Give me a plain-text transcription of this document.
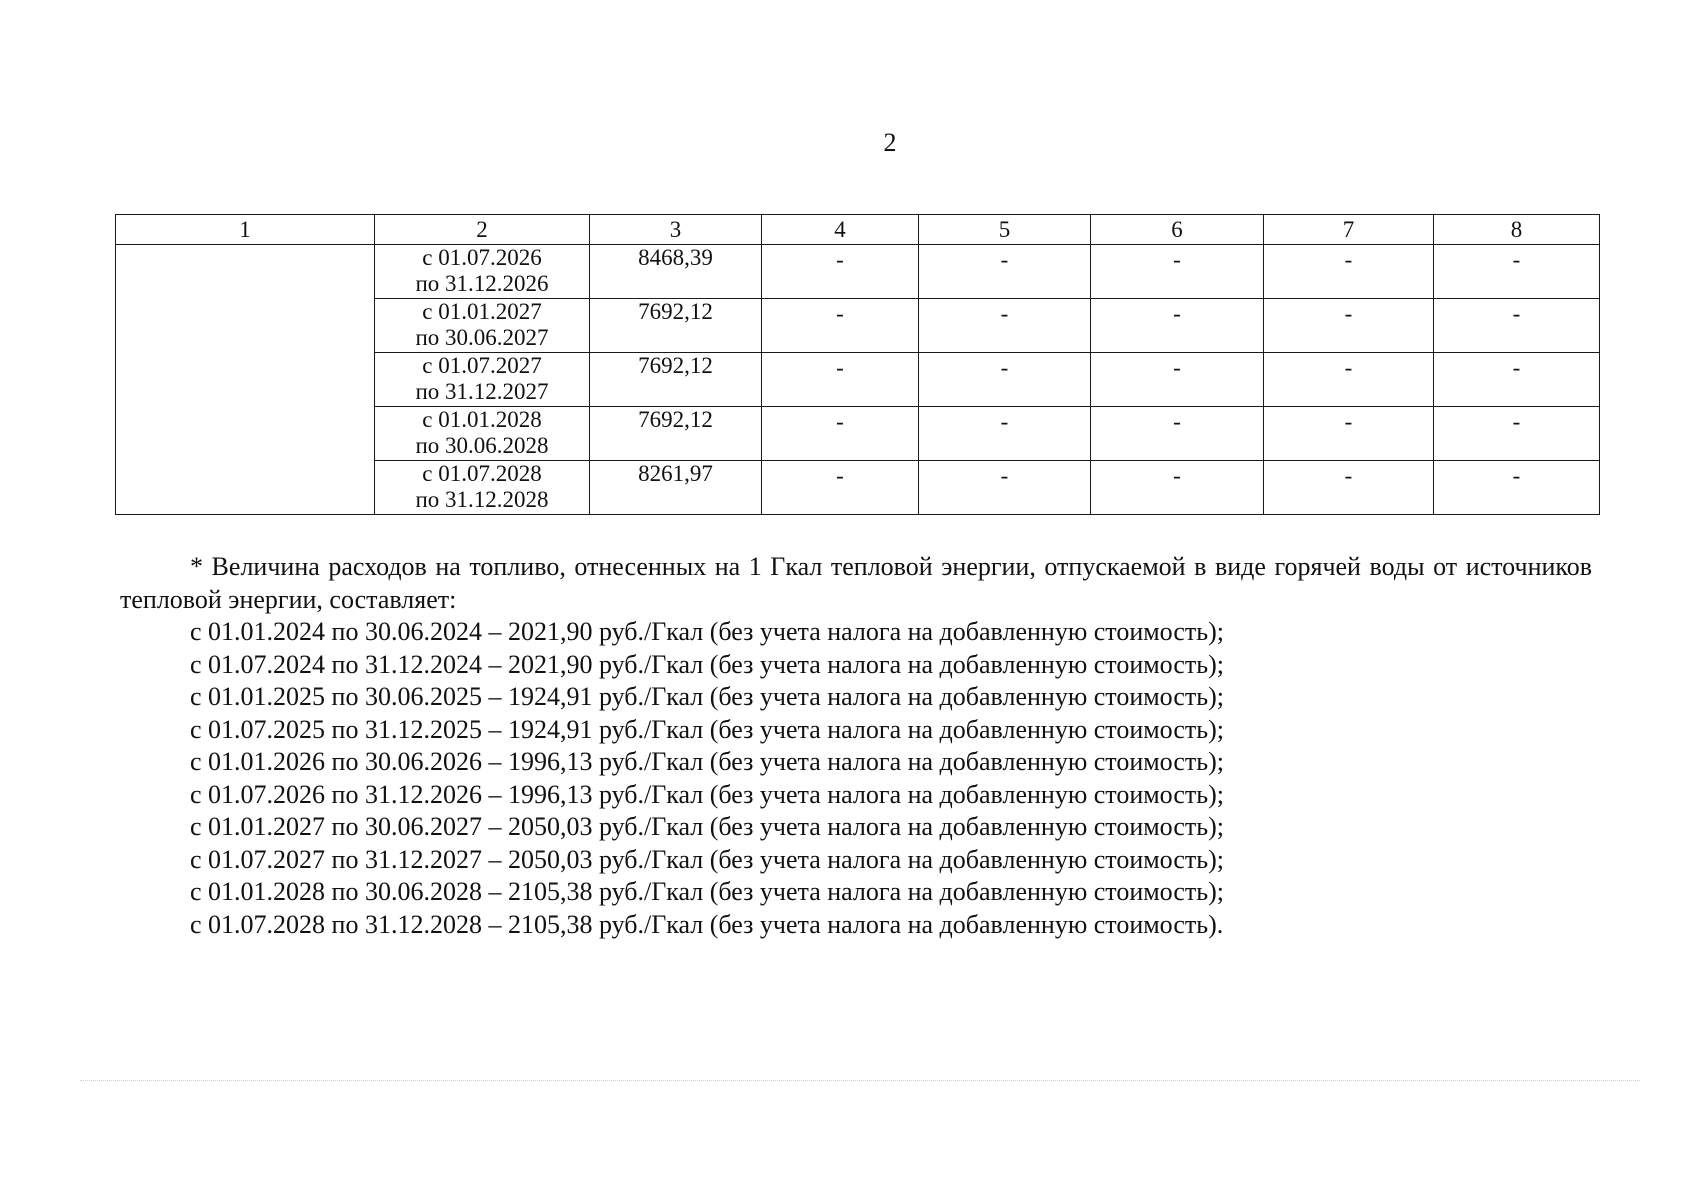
2
1	2	3	4	5	6	7	8

	с 01.07.2026
по 31.12.2026	8468,39	-	-	-	-	-

	с 01.01.2027
по 30.06.2027	7692,12	-	-	-	-	-

	с 01.07.2027
по 31.12.2027	7692,12	-	-	-	-	-

	с 01.01.2028
по 30.06.2028	7692,12	-	-	-	-	-

	с 01.07.2028
по 31.12.2028	8261,97	-	-	-	-	-

* Величина расходов на топливо, отнесенных на 1 Гкал тепловой энергии, отпускаемой в виде горячей воды от источников тепловой энергии, составляет:

с 01.01.2024 по 30.06.2024 – 2021,90 руб./Гкал (без учета налога на добавленную стоимость);
с 01.07.2024 по 31.12.2024 – 2021,90 руб./Гкал (без учета налога на добавленную стоимость);
с 01.01.2025 по 30.06.2025 – 1924,91 руб./Гкал (без учета налога на добавленную стоимость);
с 01.07.2025 по 31.12.2025 – 1924,91 руб./Гкал (без учета налога на добавленную стоимость);
с 01.01.2026 по 30.06.2026 – 1996,13 руб./Гкал (без учета налога на добавленную стоимость);
с 01.07.2026 по 31.12.2026 – 1996,13 руб./Гкал (без учета налога на добавленную стоимость);
с 01.01.2027 по 30.06.2027 – 2050,03 руб./Гкал (без учета налога на добавленную стоимость);
с 01.07.2027 по 31.12.2027 – 2050,03 руб./Гкал (без учета налога на добавленную стоимость);
с 01.01.2028 по 30.06.2028 – 2105,38 руб./Гкал (без учета налога на добавленную стоимость);
с 01.07.2028 по 31.12.2028 – 2105,38 руб./Гкал (без учета налога на добавленную стоимость).
